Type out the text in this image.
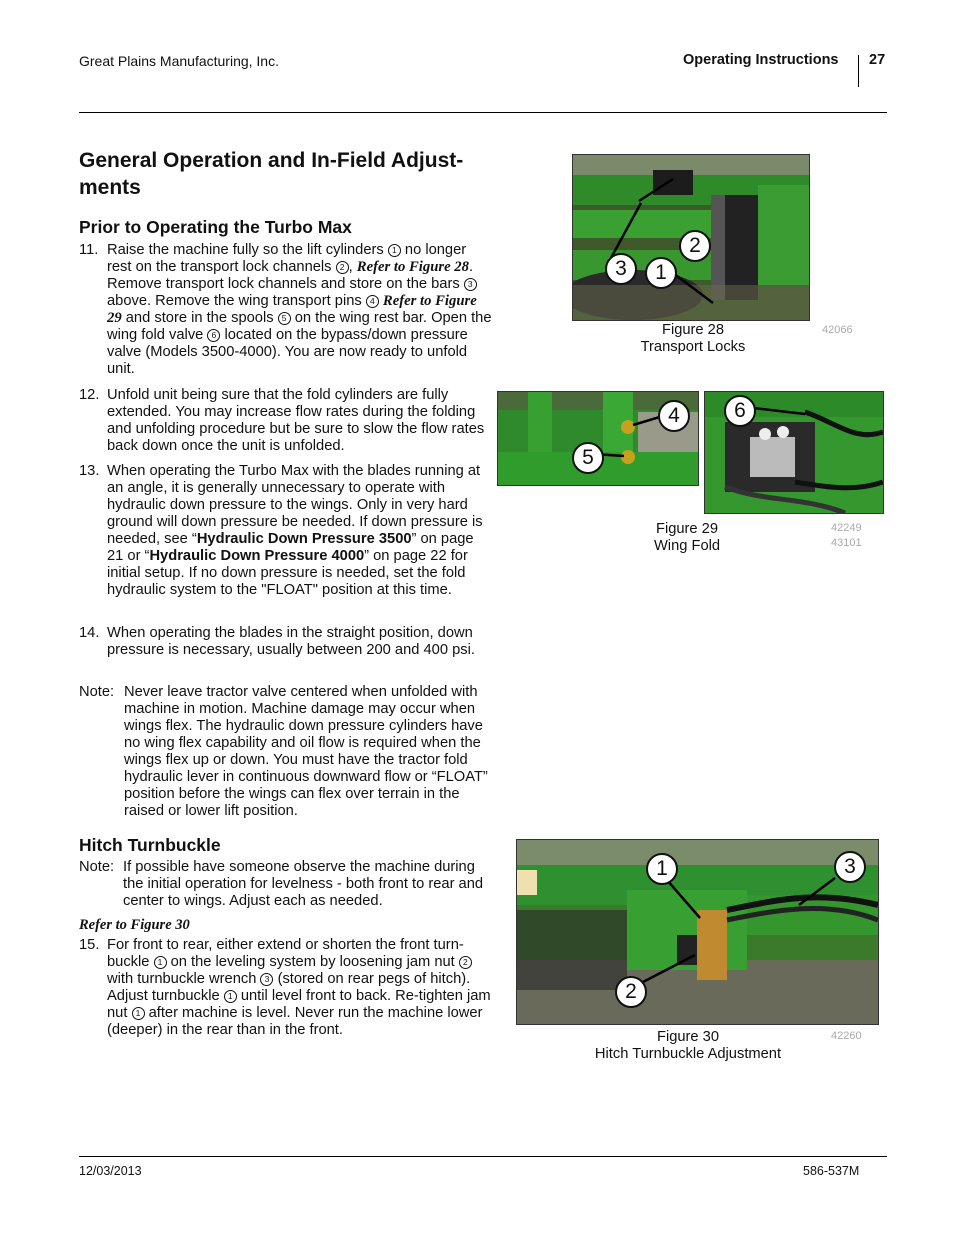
Great Plains Manufacturing, Inc.	Operating Instructions 27
General Operation and In-Field Adjust-
ments
Prior to Operating the Turbo Max
11. Raise the machine fully so the lift cylinders 1 no longer rest on the transport lock channels 2 , Refer to Figure 28. Remove transport lock channels and store on the bars 3 above. Remove the wing transport pins 4 Refer to Figure 29 and store in the spools 5 on the wing rest bar. Open the wing fold valve 6 located on the bypass/down pressure valve (Models 3500-4000). You are now ready to unfold unit.
12. Unfold unit being sure that the fold cylinders are fully extended. You may increase flow rates during the folding and unfolding procedure but be sure to slow the flow rates back down once the unit is unfolded.
13. When operating the Turbo Max with the blades running at an angle, it is generally unnecessary to operate with hydraulic down pressure to the wings. Only in very hard ground will down pressure be needed. If down pressure is needed, see “Hydraulic Down Pressure 3500” on page 21 or “Hydraulic Down Pressure 4000” on page 22 for initial setup. If no down pressure is needed, set the fold hydraulic system to the "FLOAT" position at this time.
14. When operating the blades in the straight position, down pressure is necessary, usually between 200 and 400 psi.
Note: Never leave tractor valve centered when unfolded with machine in motion. Machine damage may occur when wings flex. The hydraulic down pressure cylinders have no wing flex capability and oil flow is required when the wings flex up or down. You must have the tractor fold hydraulic lever in continuous downward flow or “FLOAT” position before the wings can flex over terrain in the raised or lower lift position.
Hitch Turnbuckle
Note: If possible have someone observe the machine during the initial operation for levelness - both front to rear and center to wings. Adjust each as needed.
Refer to Figure 30
15. For front to rear, either extend or shorten the front turn-buckle 1 on the leveling system by loosening jam nut 2 with turnbuckle wrench 3 (stored on rear pegs of hitch). Adjust turnbuckle 1 until level front to back. Re-tighten jam nut 1 after machine is level. Never run the machine lower (deeper) in the rear than in the front.
2
3	1
Figure 28
Transport Locks
42066
4
5
6
Figure 29
Wing Fold
42249
43101
1	3
2
Figure 30
Hitch Turnbuckle Adjustment
42260
12/03/2013	586-537M
